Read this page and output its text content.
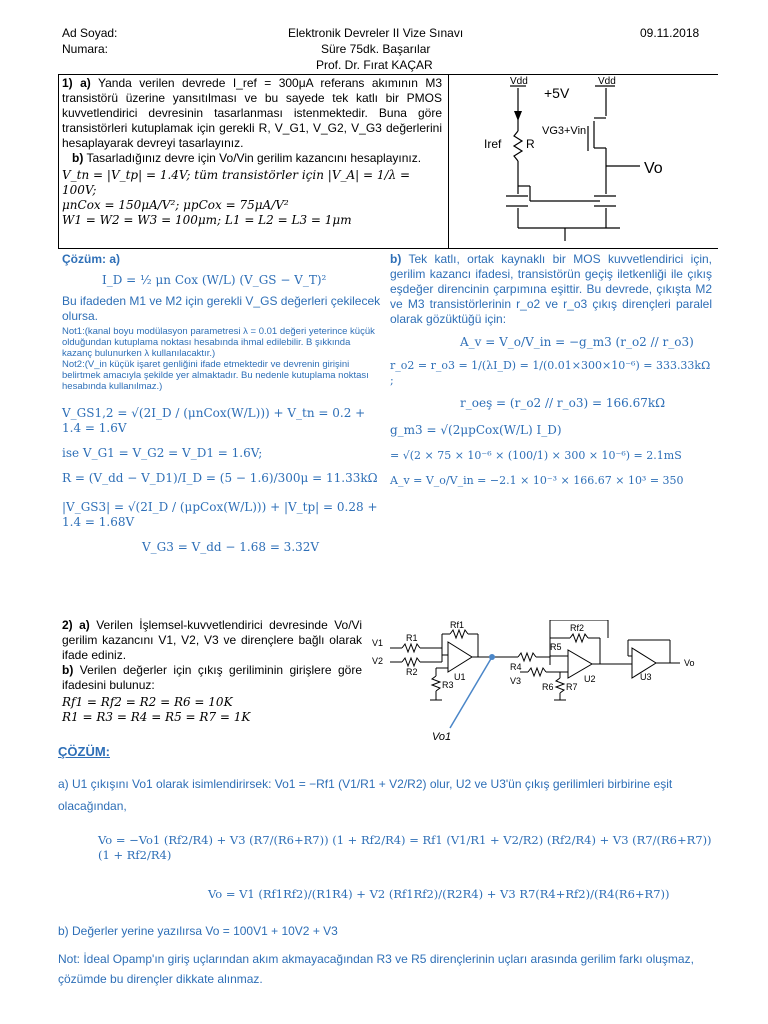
Ad Soyad:
Numara:
Elektronik Devreler II Vize Sınavı
Süre 75dk. Başarılar
Prof. Dr. Fırat KAÇAR
09.11.2018

1) a) Yanda verilen devrede I_ref = 300μA referans akımının M3 transistörü üzerine yansıtılması ve bu sayede tek katlı bir PMOS kuvvetlendirici devresinin tasarlanması istenmektedir. Buna göre transistörleri kutuplamak için gerekli R, V_G1, V_G2, V_G3 değerlerini hesaplayarak devreyi tasarlayınız.

b) Tasarladığınız devre için Vo/Vin gerilim kazancını hesaplayınız.

V_tn = |V_tp| = 1.4V; tüm transistörler için |V_A| = 1/λ = 100V;

μnCox = 150μA/V²; μpCox = 75μA/V²

W1 = W2 = W3 = 100μm; L1 = L2 = L3 = 1μm

Vdd	Vdd
+5V
R
Iref
VG3+Vin
Vo

Çözüm: a)

I_D = ½ μn Cox (W/L) (V_GS − V_T)²

Bu ifadeden M1 ve M2 için gerekli V_GS değerleri çekilecek olursa.

Not1:(kanal boyu modülasyon parametresi λ = 0.01 değeri yeterince küçük olduğundan kutuplama noktası hesabında ihmal edilebilir. B şıkkında kazanç bulunurken λ kullanılacaktır.)

Not2:(V_in küçük işaret genliğini ifade etmektedir ve devrenin girişini belirtmek amacıyla şekilde yer almaktadır. Bu nedenle kutuplama noktası hesabında kullanılmaz.)

V_GS1,2 = √(2I_D / (μnCox(W/L))) + V_tn = 0.2 + 1.4 = 1.6V

ise V_G1 = V_G2 = V_D1 = 1.6V;

R = (V_dd − V_D1)/I_D = (5 − 1.6)/300μ = 11.33kΩ

|V_GS3| = √(2I_D / (μpCox(W/L))) + |V_tp| = 0.28 + 1.4 = 1.68V

V_G3 = V_dd − 1.68 = 3.32V

b) Tek katlı, ortak kaynaklı bir MOS kuvvetlendirici için, gerilim kazancı ifadesi, transistörün geçiş iletkenliği ile çıkış eşdeğer direncinin çarpımına eşittir. Bu devrede, çıkışta M2 ve M3 transistörlerinin r_o2 ve r_o3 çıkış dirençleri paralel olarak gözüktüğü için:

A_v = V_o/V_in = −g_m3 (r_o2 // r_o3)

r_o2 = r_o3 = 1/(λI_D) = 1/(0.01×300×10⁻⁶) = 333.33kΩ ;

r_oeş = (r_o2 // r_o3) = 166.67kΩ

g_m3 = √(2μpCox(W/L) I_D)

= √(2 × 75 × 10⁻⁶ × (100/1) × 300 × 10⁻⁶) = 2.1mS

A_v = V_o/V_in = −2.1 × 10⁻³ × 166.67 × 10³ = 350

2) a) Verilen İşlemsel-kuvvetlendirici devresinde Vo/Vi gerilim kazancını V1, V2, V3 ve dirençlere bağlı olarak ifade ediniz.

b) Verilen değerler için çıkış geriliminin girişlere göre ifadesini bulunuz:

Rf1 = Rf2 = R2 = R6 = 10K

R1 = R3 = R4 = R5 = R7 = 1K

V1
V2
R1
R2
R3
Rf1
U1
R4
V3
R5
R6 R7
Rf2
U2	U3
Vo
Vo1

ÇÖZÜM:

a) U1 çıkışını Vo1 olarak isimlendirirsek: Vo1 = −Rf1 (V1/R1 + V2/R2) olur, U2 ve U3'ün çıkış gerilimleri birbirine eşit olacağından,

Vo = −Vo1 (Rf2/R4) + V3 (R7/(R6+R7)) (1 + Rf2/R4) = Rf1 (V1/R1 + V2/R2) (Rf2/R4) + V3 (R7/(R6+R7)) (1 + Rf2/R4)

Vo = V1 (Rf1Rf2)/(R1R4) + V2 (Rf1Rf2)/(R2R4) + V3 R7(R4+Rf2)/(R4(R6+R7))

b) Değerler yerine yazılırsa Vo = 100V1 + 10V2 + V3

Not: İdeal Opamp'ın giriş uçlarından akım akmayacağından R3 ve R5 dirençlerinin uçları arasında gerilim farkı oluşmaz, çözümde bu dirençler dikkate alınmaz.
